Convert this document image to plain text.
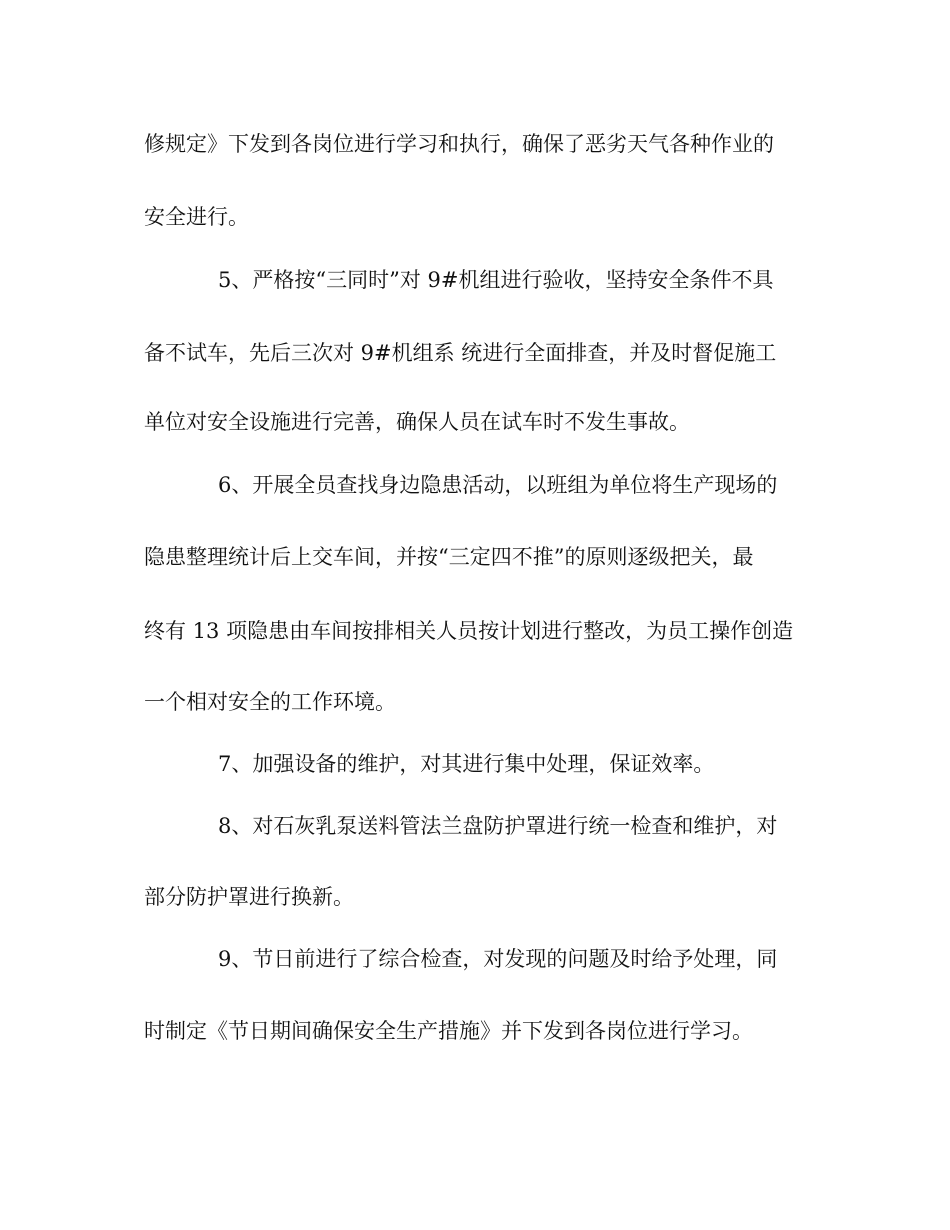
修规定》下发到各岗位进行学习和执行，确保了恶劣天气各种作业的
安全进行。
5、严格按“三同时”对 9#机组进行验收，坚持安全条件不具
备不试车，先后三次对 9#机组系 统进行全面排查，并及时督促施工
单位对安全设施进行完善，确保人员在试车时不发生事故。
6、开展全员查找身边隐患活动，以班组为单位将生产现场的
隐患整理统计后上交车间，并按“三定四不推”的原则逐级把关，最
终有 13 项隐患由车间按排相关人员按计划进行整改，为员工操作创造
一个相对安全的工作环境。
7、加强设备的维护，对其进行集中处理，保证效率。
8、对石灰乳泵送料管法兰盘防护罩进行统一检查和维护，对
部分防护罩进行换新。
9、节日前进行了综合检查，对发现的问题及时给予处理，同
时制定《节日期间确保安全生产措施》并下发到各岗位进行学习。
